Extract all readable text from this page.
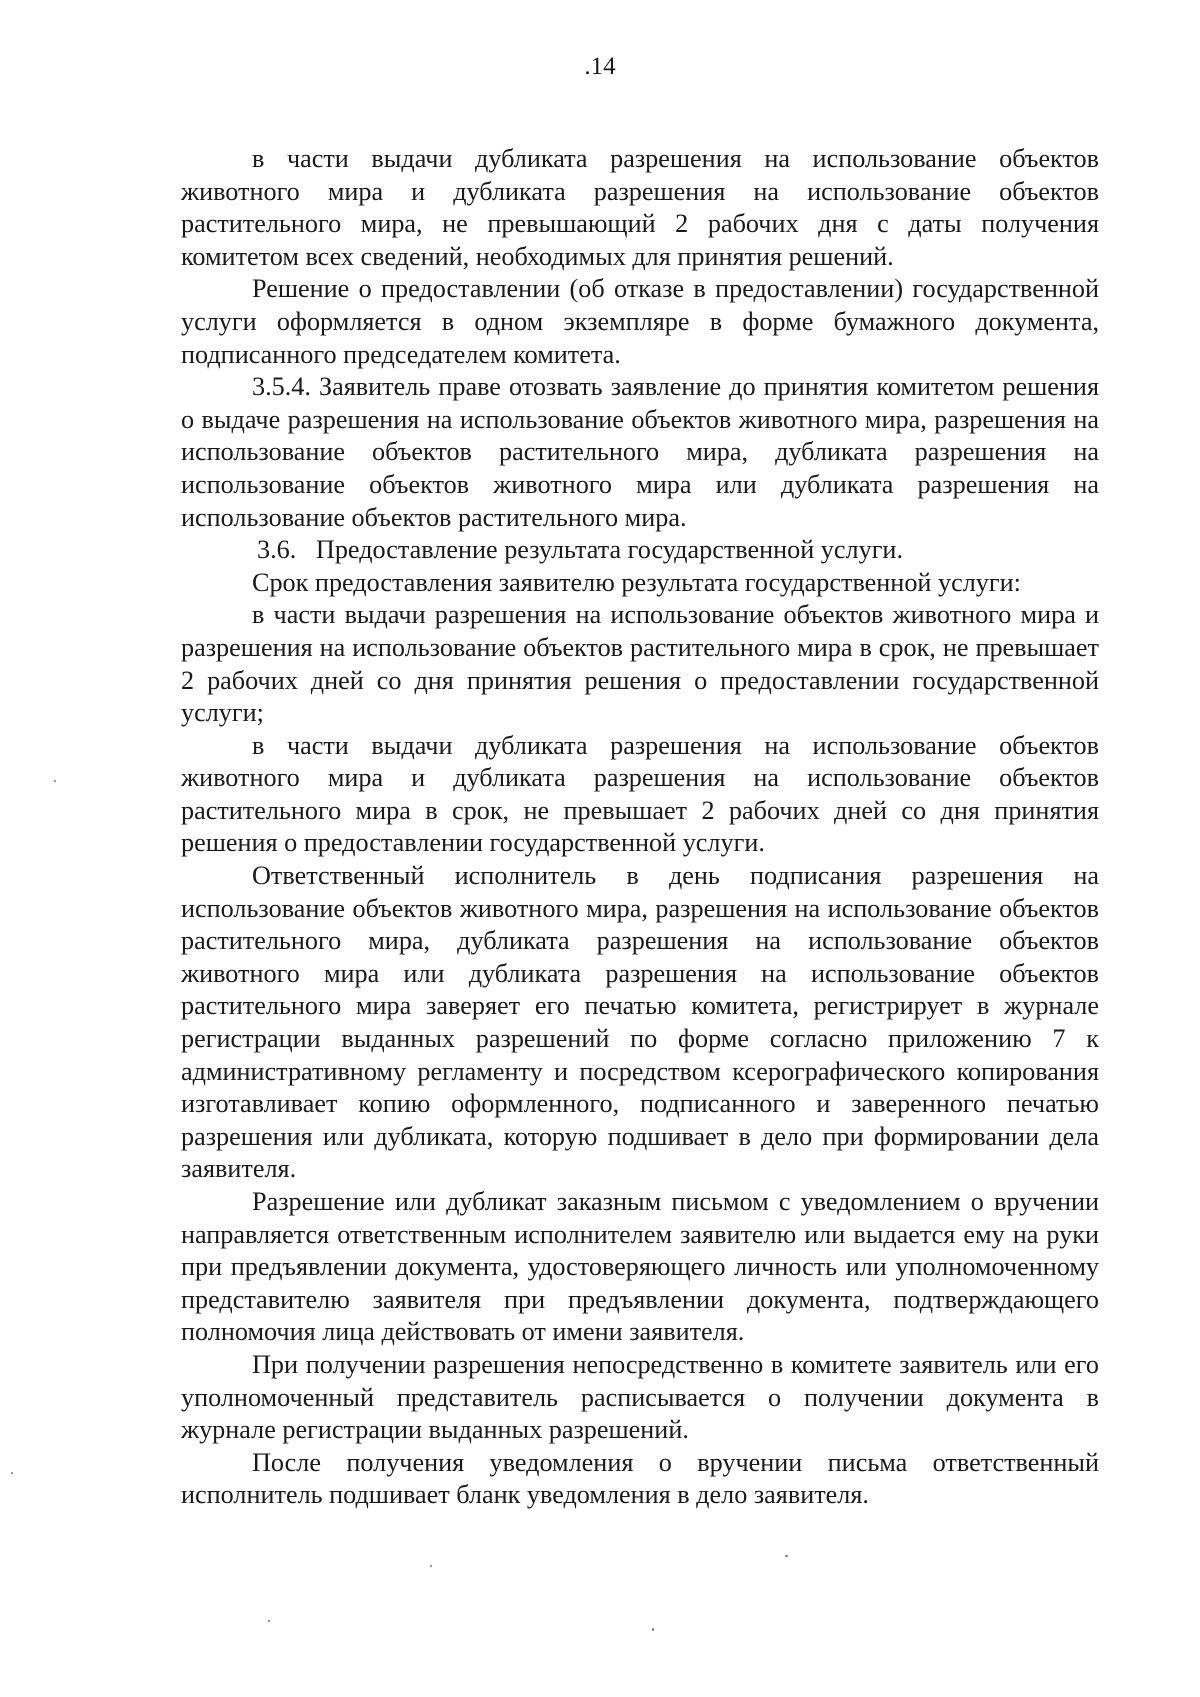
.14

в части выдачи дубликата разрешения на использование объектов животного мира и дубликата разрешения на использование объектов растительного мира, не превышающий 2 рабочих дня с даты получения комитетом всех сведений, необходимых для принятия решений.

Решение о предоставлении (об отказе в предоставлении) государственной услуги оформляется в одном экземпляре в форме бумажного документа, подписанного председателем комитета.

3.5.4. Заявитель праве отозвать заявление до принятия комитетом решения о выдаче разрешения на использование объектов животного мира, разрешения на использование объектов растительного мира, дубликата разрешения на использование объектов животного мира или дубликата разрешения на использование объектов растительного мира.

3.6.   Предоставление результата государственной услуги.

Срок предоставления заявителю результата государственной услуги:

в части выдачи разрешения на использование объектов животного мира и разрешения на использование объектов растительного мира в срок, не превышает 2 рабочих дней со дня принятия решения о предоставлении государственной услуги;

в части выдачи дубликата разрешения на использование объектов животного мира и дубликата разрешения на использование объектов растительного мира в срок, не превышает 2 рабочих дней со дня принятия решения о предоставлении государственной услуги.

Ответственный исполнитель в день подписания разрешения на использование объектов животного мира, разрешения на использование объектов растительного мира, дубликата разрешения на использование объектов животного мира или дубликата разрешения на использование объектов растительного мира заверяет его печатью комитета, регистрирует в журнале регистрации выданных разрешений по форме согласно приложению 7 к административному регламенту и посредством ксерографического копирования изготавливает копию оформленного, подписанного и заверенного печатью разрешения или дубликата, которую подшивает в дело при формировании дела заявителя.

Разрешение или дубликат заказным письмом с уведомлением о вручении направляется ответственным исполнителем заявителю или выдается ему на руки при предъявлении документа, удостоверяющего личность или уполномоченному представителю заявителя при предъявлении документа, подтверждающего полномочия лица действовать от имени заявителя.

При получении разрешения непосредственно в комитете заявитель или его уполномоченный представитель расписывается о получении документа в журнале регистрации выданных разрешений.

После получения уведомления о вручении письма ответственный исполнитель подшивает бланк уведомления в дело заявителя.
